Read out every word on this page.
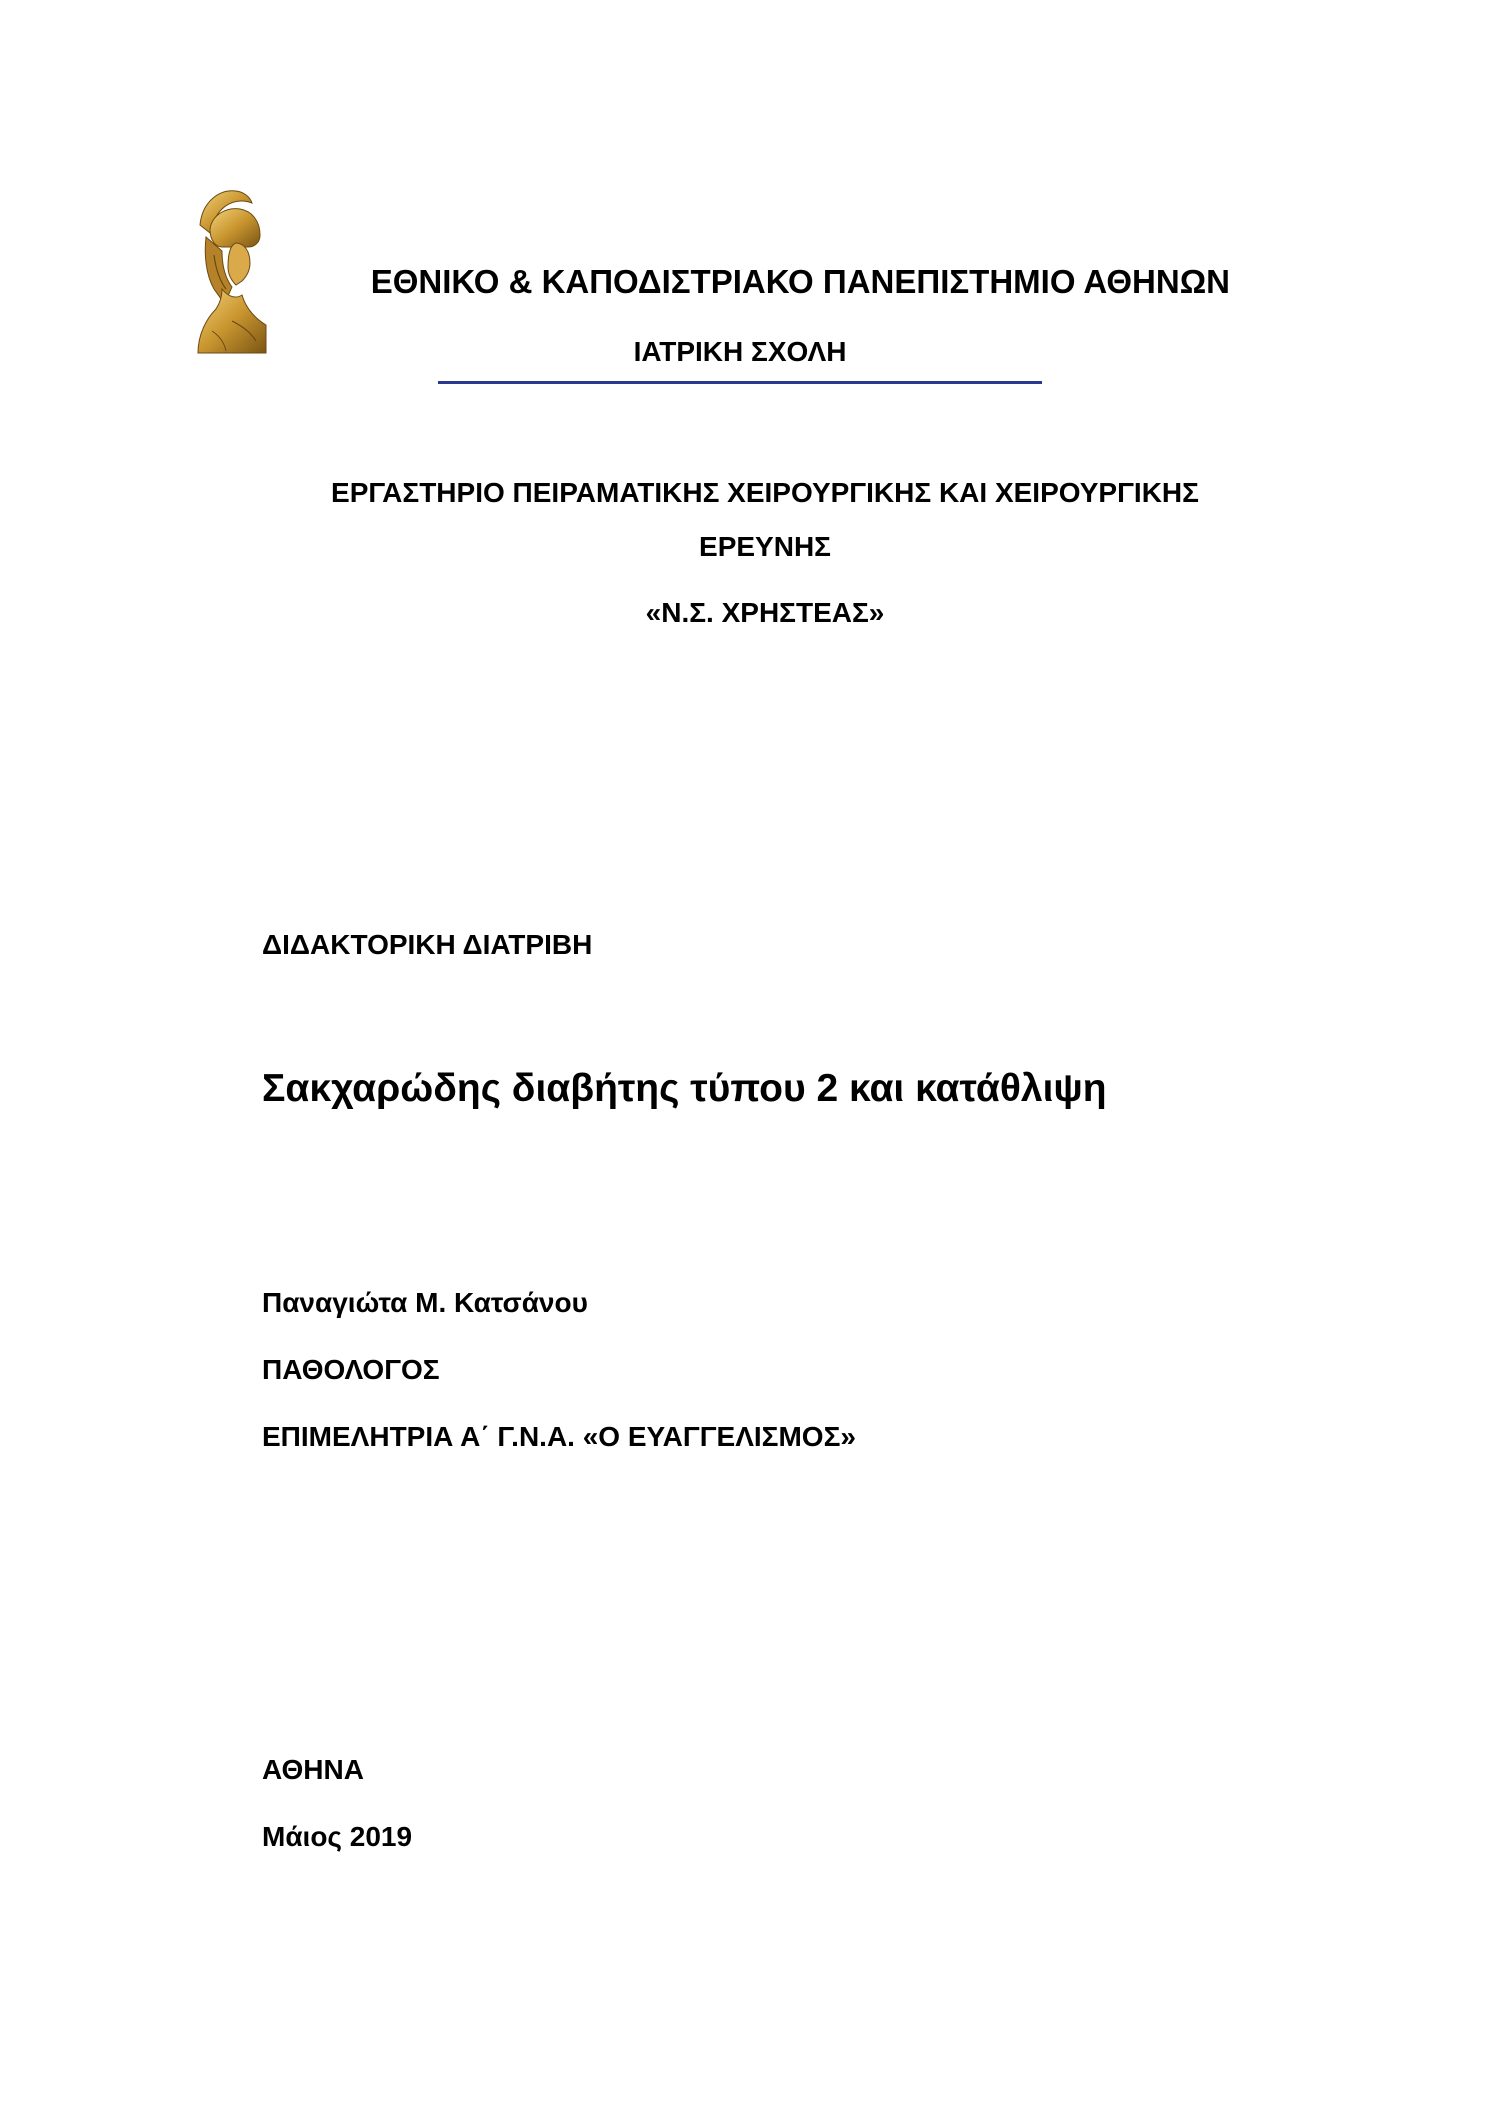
ΕΘΝΙΚΟ & ΚΑΠΟΔΙΣΤΡΙΑΚΟ ΠΑΝΕΠΙΣΤΗΜΙΟ ΑΘΗΝΩΝ
ΙΑΤΡΙΚΗ ΣΧΟΛΗ
ΕΡΓΑΣΤΗΡΙΟ ΠΕΙΡΑΜΑΤΙΚΗΣ ΧΕΙΡΟΥΡΓΙΚΗΣ ΚΑΙ ΧΕΙΡΟΥΡΓΙΚΗΣ
ΕΡΕΥΝΗΣ
«Ν.Σ. ΧΡΗΣΤΕΑΣ»
ΔΙΔΑΚΤΟΡΙΚΗ ΔΙΑΤΡΙΒΗ
Σακχαρώδης διαβήτης τύπου 2 και κατάθλιψη
Παναγιώτα Μ. Κατσάνου
ΠΑΘΟΛΟΓΟΣ
ΕΠΙΜΕΛΗΤΡΙΑ Α΄ Γ.Ν.Α. «Ο ΕΥΑΓΓΕΛΙΣΜΟΣ»
ΑΘΗΝΑ
Μάιος 2019
